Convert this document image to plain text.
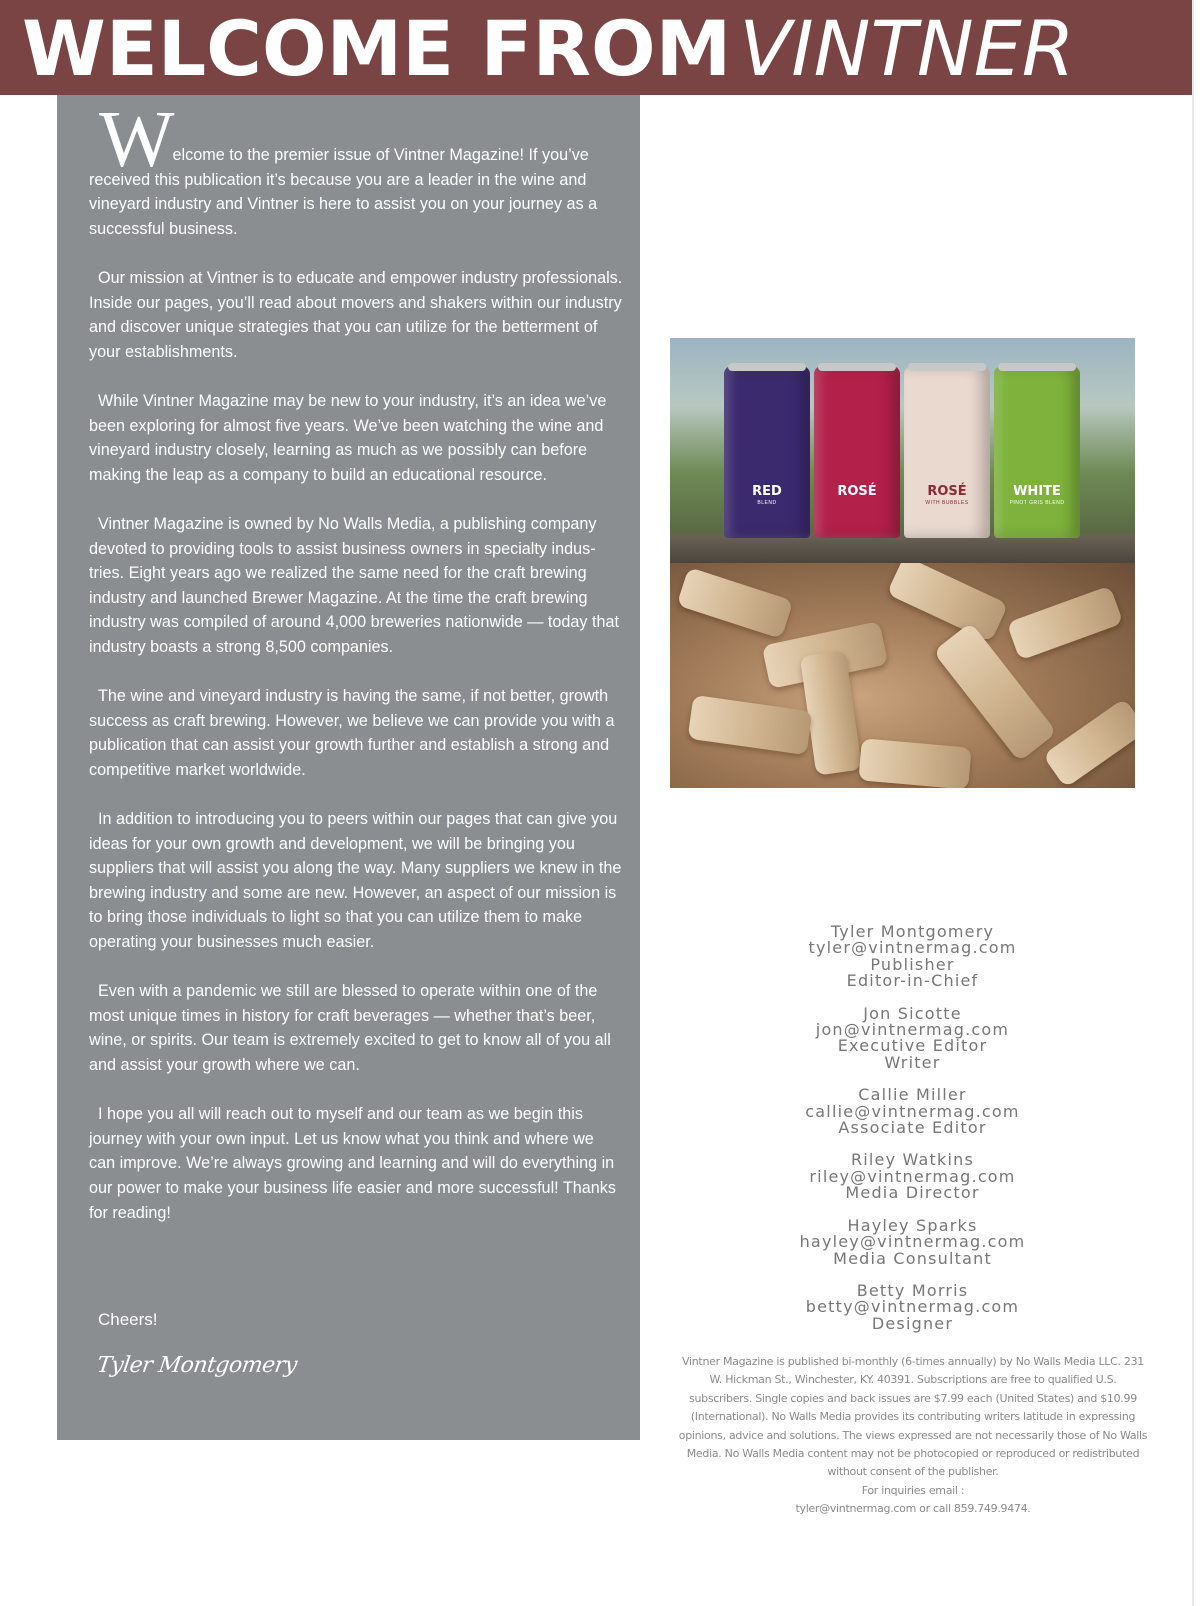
WELCOME FROM VINTNER

Welcome to the premier issue of Vintner Magazine! If you’ve received this publication it’s because you are a leader in the wine and vineyard industry and Vintner is here to assist you on your journey as a successful business.

Our mission at Vintner is to educate and empower industry professionals. Inside our pages, you’ll read about movers and shakers within our industry and discover unique strategies that you can utilize for the betterment of your establishments.

While Vintner Magazine may be new to your industry, it’s an idea we’ve been exploring for almost five years. We’ve been watching the wine and vineyard industry closely, learning as much as we possibly can before making the leap as a company to build an educational resource.

Vintner Magazine is owned by No Walls Media, a publishing company devoted to providing tools to assist business owners in specialty industries. Eight years ago we realized the same need for the craft brewing industry and launched Brewer Magazine. At the time the craft brewing industry was compiled of around 4,000 breweries nationwide — today that industry boasts a strong 8,500 companies.

The wine and vineyard industry is having the same, if not better, growth success as craft brewing. However, we believe we can provide you with a publication that can assist your growth further and establish a strong and competitive market worldwide.

In addition to introducing you to peers within our pages that can give you ideas for your own growth and development, we will be bringing you suppliers that will assist you along the way. Many suppliers we knew in the brewing industry and some are new. However, an aspect of our mission is to bring those individuals to light so that you can utilize them to make operating your businesses much easier.

Even with a pandemic we still are blessed to operate within one of the most unique times in history for craft beverages — whether that’s beer, wine, or spirits. Our team is extremely excited to get to know all of you all and assist your growth where we can.

I hope you all will reach out to myself and our team as we begin this journey with your own input. Let us know what you think and where we can improve. We’re always growing and learning and will do everything in our power to make your business life easier and more successful! Thanks for reading!

Cheers!
Tyler Montgomery
RED
BLEND
ROSÉ	ROSÉ
WITH BUBBLES
WHITE
PINOT GRIS BLEND
Tyler Montgomery
tyler@vintnermag.com
Publisher
Editor-in-Chief
Jon Sicotte
jon@vintnermag.com
Executive Editor
Writer
Callie Miller
callie@vintnermag.com
Associate Editor
Riley Watkins
riley@vintnermag.com
Media Director
Hayley Sparks
hayley@vintnermag.com
Media Consultant
Betty Morris
betty@vintnermag.com
Designer
Vintner Magazine is published bi-monthly (6-times annually) by No Walls Media LLC. 231 W. Hickman St., Winchester, KY. 40391. Subscriptions are free to qualified U.S. subscribers. Single copies and back issues are $7.99 each (United States) and $10.99 (International). No Walls Media provides its contributing writers latitude in expressing opinions, advice and solutions. The views expressed are not necessarily those of No Walls Media. No Walls Media content may not be photocopied or reproduced or redistributed without consent of the publisher.
For inquiries email :
tyler@vintnermag.com or call 859.749.9474.
